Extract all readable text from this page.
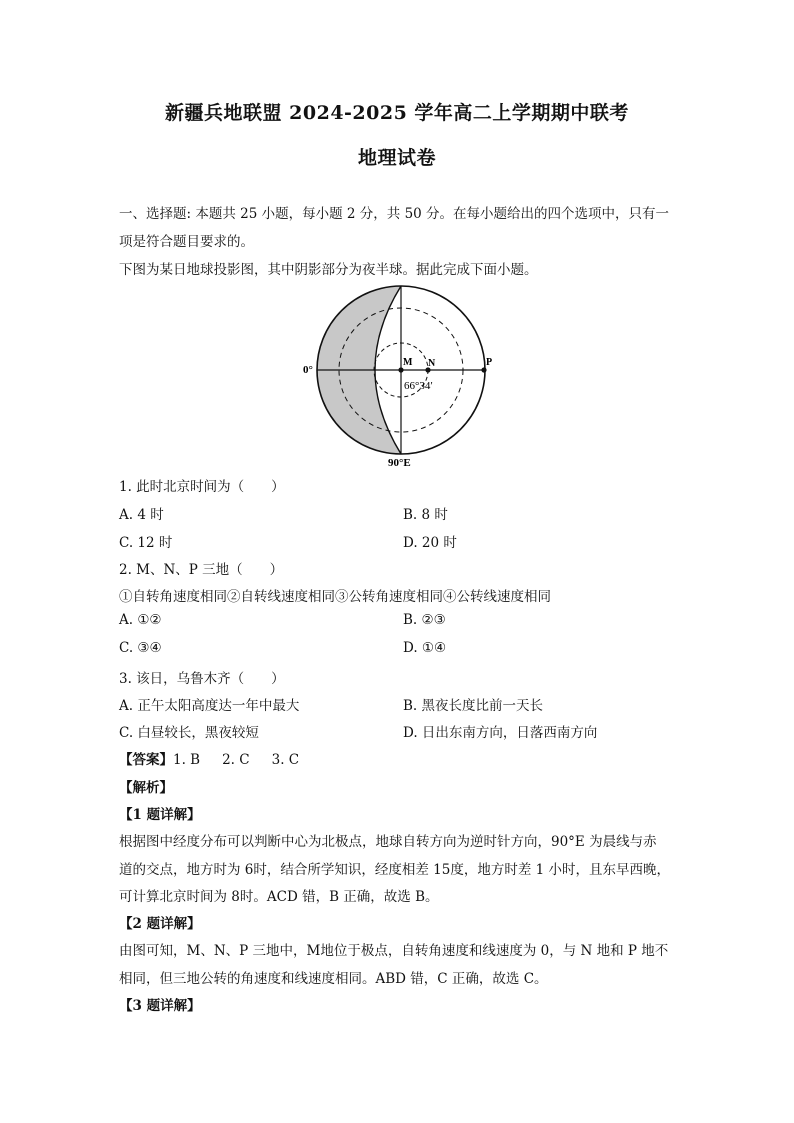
新疆兵地联盟 2024-2025 学年高二上学期期中联考
地理试卷
一、选择题: 本题共 25 小题，每小题 2 分，共 50 分。在每小题给出的四个选项中，只有一
项是符合题目要求的。
下图为某日地球投影图，其中阴影部分为夜半球。据此完成下面小题。
0°
M N	P
66°34′
90°E
1. 此时北京时间为（　　）
A. 4 时	B. 8 时
C. 12 时	D. 20 时
2. M、N、P 三地（　　）
①自转角速度相同②自转线速度相同③公转角速度相同④公转线速度相同
A. ①②	B. ②③
C. ③④	D. ①④
3. 该日，乌鲁木齐（　　）
A. 正午太阳高度达一年中最大	B. 黑夜长度比前一天长
C. 白昼较长，黑夜较短	D. 日出东南方向，日落西南方向
【答案】1. B 2. C 3. C
【解析】
【1 题详解】
根据图中经度分布可以判断中心为北极点，地球自转方向为逆时针方向，90°E 为晨线与赤
道的交点，地方时为 6时，结合所学知识，经度相差 15度，地方时差 1 小时，且东早西晚，
可计算北京时间为 8时。ACD 错，B 正确，故选 B。
【2 题详解】
由图可知，M、N、P 三地中，M地位于极点，自转角速度和线速度为 0，与 N 地和 P 地不
相同，但三地公转的角速度和线速度相同。ABD 错，C 正确，故选 C。
【3 题详解】
